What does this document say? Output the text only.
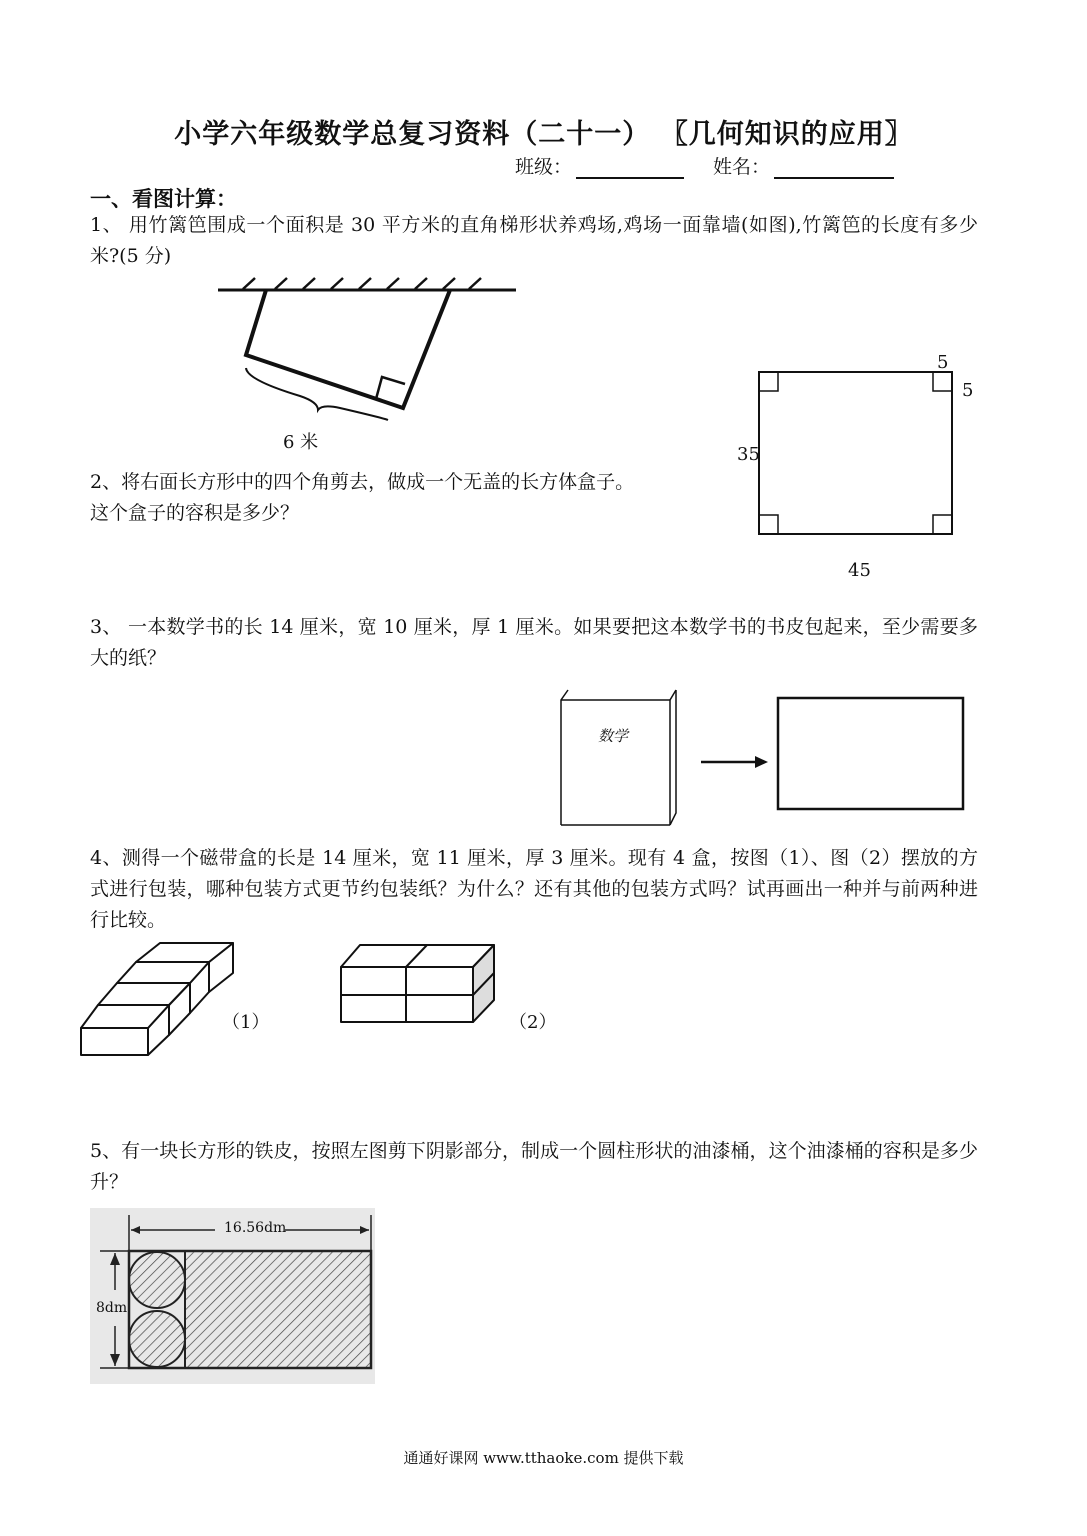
小学六年级数学总复习资料（二十一） 〖几何知识的应用〗
班级：	姓名：
一、看图计算：
1、 用竹篱笆围成一个面积是 30 平方米的直角梯形状养鸡场,鸡场一面靠墙(如图),竹篱笆的长度有多少米?(5 分)
6 米
2、将右面长方形中的四个角剪去，做成一个无盖的长方体盒子。
这个盒子的容积是多少？
5
5
35
45
3、 一本数学书的长 14 厘米，宽 10 厘米，厚 1 厘米。如果要把这本数学书的书皮包起来，至少需要多大的纸？
数学
4、测得一个磁带盒的长是 14 厘米，宽 11 厘米，厚 3 厘米。现有 4 盒，按图（1）、图（2）摆放的方式进行包装，哪种包装方式更节约包装纸？为什么？还有其他的包装方式吗？试再画出一种并与前两种进行比较。
（1）	（2）
5、有一块长方形的铁皮，按照左图剪下阴影部分，制成一个圆柱形状的油漆桶，这个油漆桶的容积是多少升？
16.56dm
8dm
通通好课网 www.tthaoke.com 提供下载
